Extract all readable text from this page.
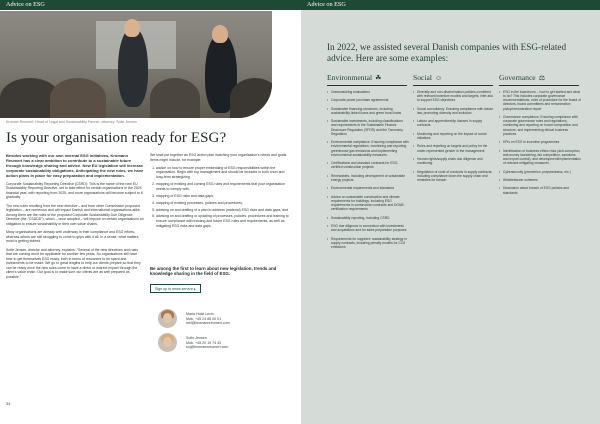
Advice on ESG
Kroman Reumert, Head of Legal and Sustainability Partner, attorney, Sofie Jensen
Is your organisation ready for ESG?

Besides working with our own internal ESG initiatives, Kromann Reumert has a clear ambition to contribute to a sustainable future through knowledge sharing and advice. New EU legislation will increase corporate sustainability obligations. Anticipating the new rules, we have action plans in place for easy preparation and implementation.

Corporate Sustainability Reporting Directive (CSRD): This is the name of the new EU Sustainability Reporting Directive, set to take effect for certain organisations in the 2024 financial year, with reporting from 2025, and more organisations will become subject to it gradually.

The new rules resulting from the new directive – and from other Commission proposed legislation – are numerous and will impact Danish and international organisations alike. Among them are the rules of the proposed Corporate Sustainability Due Diligence Directive (the "CSDDD"), which – once adopted – will impose on certain organisations an obligation to ensure sustainability in their own value chains.

Many organisations are already well underway in their compliance and ESG efforts, whereas others are still struggling to come to grips with it all. In a sense, what matters most is getting started.

Sofie Jensen, director and attorney, explains: "Several of the new directives and rules that are coming won't be applicable for another few years. So organisations still have time to get themselves ESG ready, both in terms of resources to be spent and investments to be made. We go to great lengths to help our clients prepare so that they can be ready once the new rules come to have a direct or indirect impact through the client's value chain. Our goal is to make sure our clients are as well prepared as possible."

We shall put together an ESG action plan matching your organisation's needs and goals. Items might include, for example:

1. advice on how to ensure proper embedding of ESG responsibilities within the organisation. Begin with top management and should be included in both short and long-term strategizing,
2. mapping of existing and coming ESG rules and requirements that your organisation needs to comply with,
3. mapping of ESG risks and data gaps,
4. mapping of existing processes, policies and procedures,
5. advising on and drafting of a plan to address (material) ESG risks and data gaps, and
6. advising on and drafting or updating of processes, policies, procedures and training to ensure compliance with existing and future ESG rules and requirements, as well as mitigating ESG risks and data gaps.
Be among the first to learn about new legislation, trends and knowledge sharing in the field of ESG.
Sign up to news service ▸
Maria Holst Levin
Mob. +45 24 86 00 01
mhl@kromannreumert.com
Sofie Jensen
Mob. +45 20 19 74 43
soj@kromannreumert.com
34
Advice on ESG
In 2022, we assisted several Danish companies with ESG-related advice. Here are some examples:
Environmental ☘
• Greenwashing evaluations
• Corporate power purchase agreements
• Sustainable financing structures, including sustainability-linked loans and green bond loans
• Sustainable investments, including classifications and requirements in the Sustainable Finance Disclosure Regulation (SFDR) and the Taxonomy Regulation
• Environmental compliance. Ensuring compliance with environmental regulations, monitoring and reporting greenhouse gas emissions and implementing environmental sustainability measures
• Certifications and standard contracts for ESG-certified construction projects
• Renewables, including development of sustainable energy projects
• Environmental requirements and standards
• Advice on sustainable construction and climate requirements for buildings, including ESG requirements in construction contracts and DGNB certification requirements
• Sustainability reporting, including CSRD
• ESG due diligence in connection with investments and acquisitions and for sales preparation purposes
• Requirements for suppliers' sustainability strategy in supply contracts, including penalty models for CO2 emissions
Social ☺
• Diversity and non-discrimination policies combined with relevant incentive models and targets, inter alia to support ESG objectives
• Social consultancy. Ensuring compliance with labour law, promoting diversity and inclusion
• Labour and apprenticeship clauses in supply contracts
• Monitoring and reporting on the impact of social initiatives
• Rules and reporting on targets and policy for the under-represented gender in the management
• Human rights/supply chain due diligence and monitoring
• Negotiation of code of conducts in supply contracts, including compliance down the supply chain and remedies for breach
Governance ⚖
• ESG in the boardroom – how to get started and what to do? This includes corporate governance recommendations, roles of procedure for the board of directors, board committees and remuneration policy/remuneration report
• Governance compliance. Ensuring compliance with corporate governance rules and regulations, monitoring and reporting on board composition and structure, and implementing ethical business practices
• KPIs on ESG in incentive programmes
• Identification of business ethics risks (anti-corruption, anti-money laundering, fair competition, sanctions and export control), and development/implementation of relevant mitigating measures
• Cybersecurity (prevention, preparedness, etc.)
• Whistleblower schemes
• Discussion about breach of ESG policies and standards
